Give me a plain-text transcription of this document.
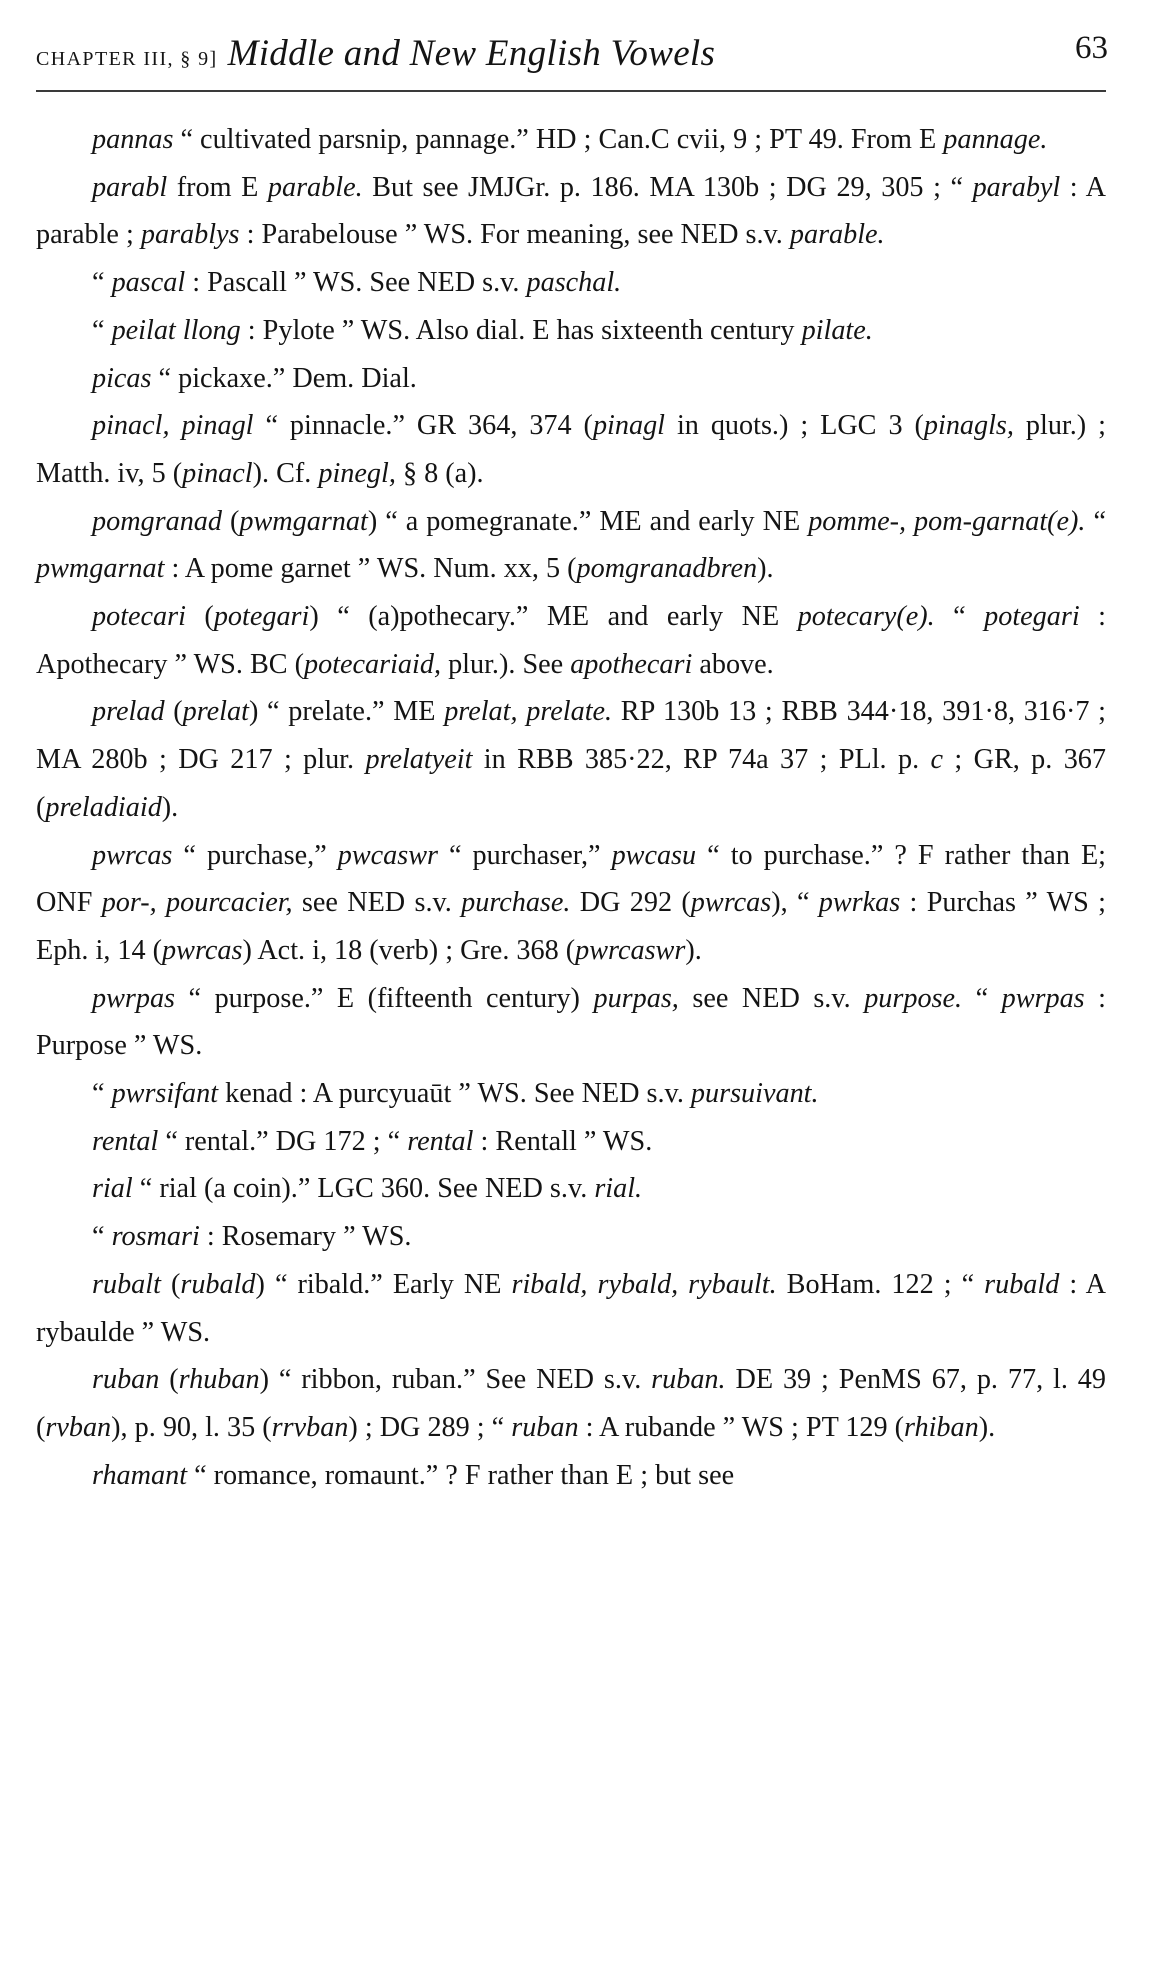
CHAPTER III, § 9] Middle and New English Vowels	63

pannas “ cultivated parsnip, pannage.” HD ; Can.C cvii, 9 ; PT 49. From E pannage.

parabl from E parable. But see JMJGr. p. 186. MA 130b ; DG 29, 305 ; “ parabyl : A parable ; parablys : Parabelouse ” WS. For meaning, see NED s.v. parable.

“ pascal : Pascall ” WS. See NED s.v. paschal.

“ peilat llong : Pylote ” WS. Also dial. E has sixteenth century pilate.

picas “ pickaxe.” Dem. Dial.

pinacl, pinagl “ pinnacle.” GR 364, 374 (pinagl in quots.) ; LGC 3 (pinagls, plur.) ; Matth. iv, 5 (pinacl). Cf. pinegl, § 8 (a).

pomgranad (pwmgarnat) “ a pomegranate.” ME and early NE pomme-, pom-garnat(e). “ pwmgarnat : A pome garnet ” WS. Num. xx, 5 (pomgranadbren).

potecari (potegari) “ (a)pothecary.” ME and early NE potecary(e). “ potegari : Apothecary ” WS. BC (potecariaid, plur.). See apothecari above.

prelad (prelat) “ prelate.” ME prelat, prelate. RP 130b 13 ; RBB 344·18, 391·8, 316·7 ; MA 280b ; DG 217 ; plur. prelatyeit in RBB 385·22, RP 74a 37 ; PLl. p. c ; GR, p. 367 (preladiaid).

pwrcas “ purchase,” pwcaswr “ purchaser,” pwcasu “ to purchase.” ? F rather than E; ONF por-, pourcacier, see NED s.v. purchase. DG 292 (pwrcas), “ pwrkas : Purchas ” WS ; Eph. i, 14 (pwrcas) Act. i, 18 (verb) ; Gre. 368 (pwrcaswr).

pwrpas “ purpose.” E (fifteenth century) purpas, see NED s.v. purpose. “ pwrpas : Purpose ” WS.

“ pwrsifant kenad : A purcyuaūt ” WS. See NED s.v. pursuivant.

rental “ rental.” DG 172 ; “ rental : Rentall ” WS.

rial “ rial (a coin).” LGC 360. See NED s.v. rial.

“ rosmari : Rosemary ” WS.

rubalt (rubald) “ ribald.” Early NE ribald, rybald, rybault. BoHam. 122 ; “ rubald : A rybaulde ” WS.

ruban (rhuban) “ ribbon, ruban.” See NED s.v. ruban. DE 39 ; PenMS 67, p. 77, l. 49 (rvban), p. 90, l. 35 (rrvban) ; DG 289 ; “ ruban : A rubande ” WS ; PT 129 (rhiban).

rhamant “ romance, romaunt.” ? F rather than E ; but see
